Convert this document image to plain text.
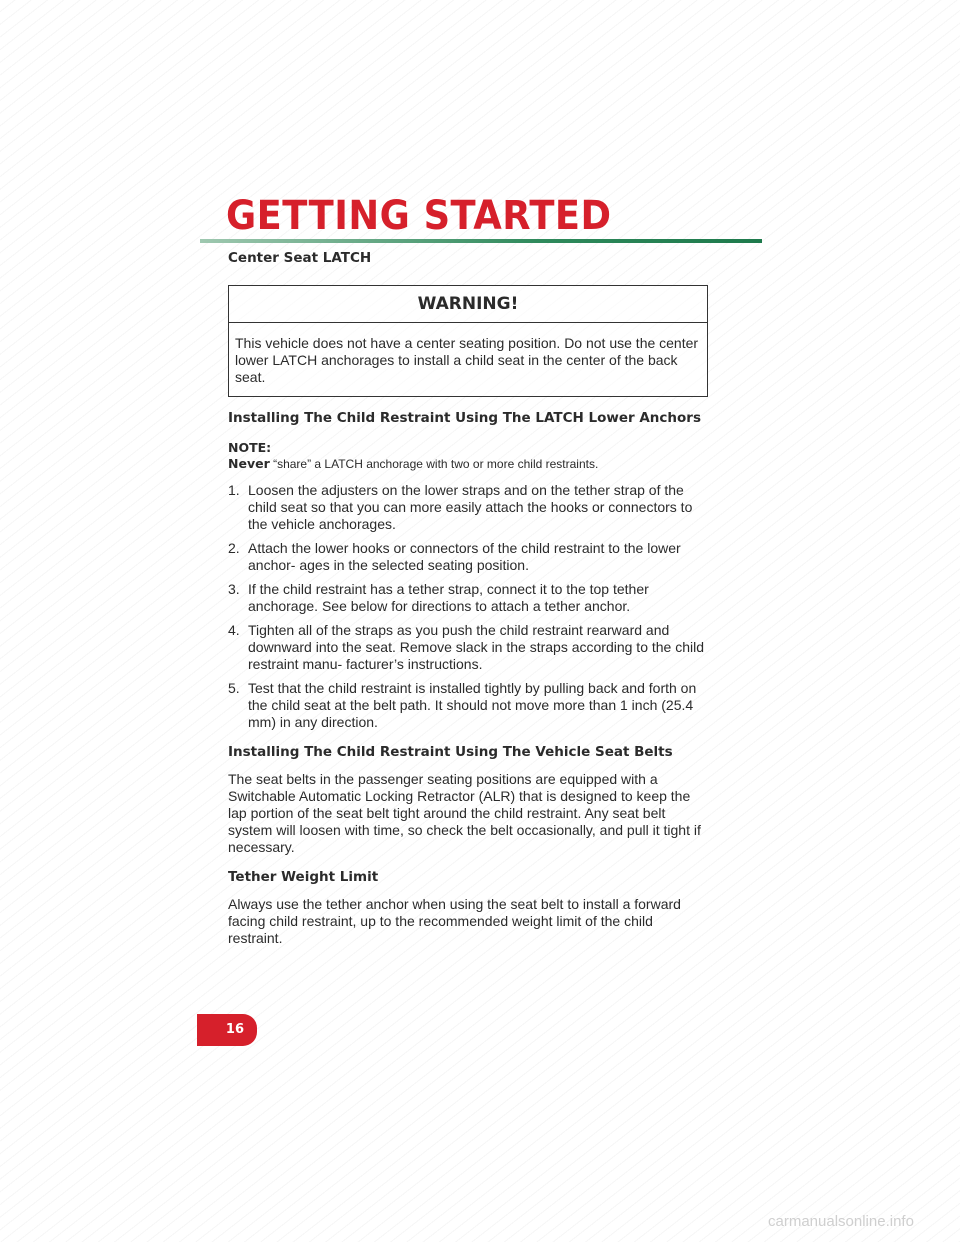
GETTING STARTED

Center Seat LATCH

WARNING!
This vehicle does not have a center seating position. Do not use the center lower LATCH anchorages to install a child seat in the center of the back seat.

Installing The Child Restraint Using The LATCH Lower Anchors

NOTE:
Never “share” a LATCH anchorage with two or more child restraints.
1. Loosen the adjusters on the lower straps and on the tether strap of the child seat so that you can more easily attach the hooks or connectors to the vehicle anchorages.
2. Attach the lower hooks or connectors of the child restraint to the lower anchor- ages in the selected seating position.
3. If the child restraint has a tether strap, connect it to the top tether anchorage. See below for directions to attach a tether anchor.
4. Tighten all of the straps as you push the child restraint rearward and downward into the seat. Remove slack in the straps according to the child restraint manu- facturer’s instructions.
5. Test that the child restraint is installed tightly by pulling back and forth on the child seat at the belt path. It should not move more than 1 inch (25.4 mm) in any direction.

Installing The Child Restraint Using The Vehicle Seat Belts

The seat belts in the passenger seating positions are equipped with a Switchable Automatic Locking Retractor (ALR) that is designed to keep the lap portion of the seat belt tight around the child restraint. Any seat belt system will loosen with time, so check the belt occasionally, and pull it tight if necessary.

Tether Weight Limit

Always use the tether anchor when using the seat belt to install a forward facing child restraint, up to the recommended weight limit of the child restraint.
16
carmanualsonline.info
